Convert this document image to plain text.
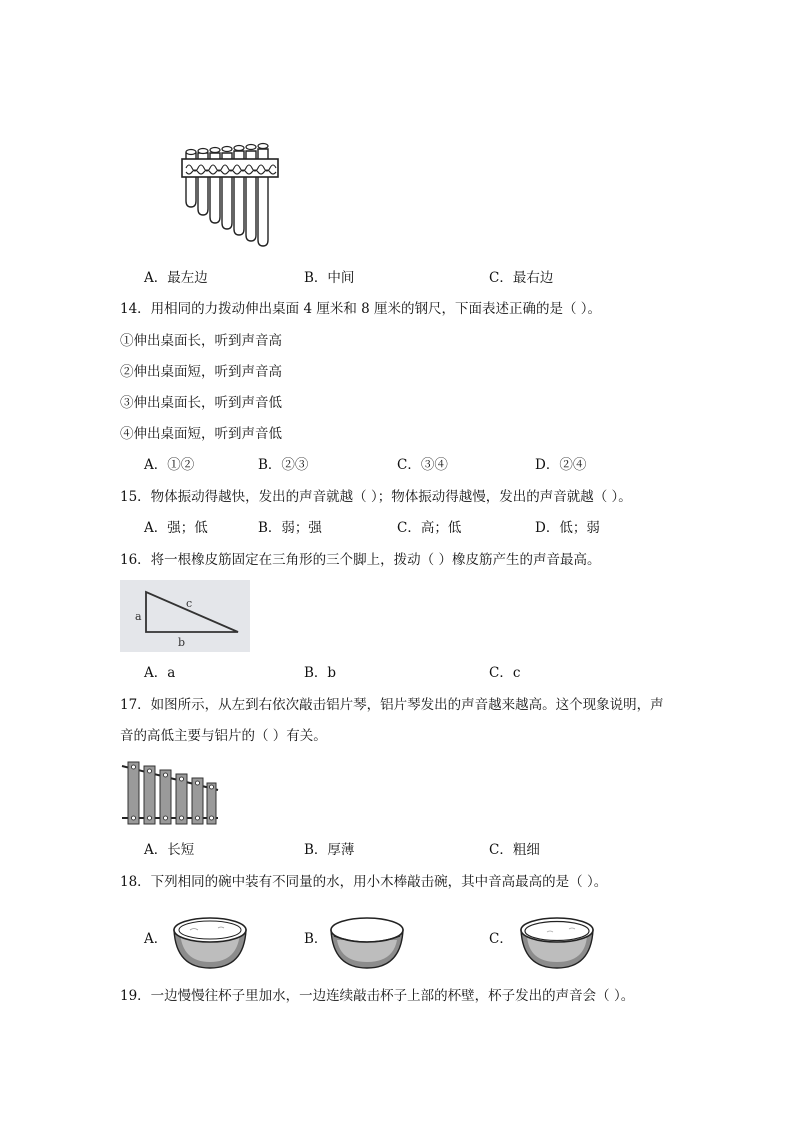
A．最左边	B．中间	C．最右边
14．用相同的力拨动伸出桌面 4 厘米和 8 厘米的钢尺，下面表述正确的是（ ）。
①伸出桌面长，听到声音高
②伸出桌面短，听到声音高
③伸出桌面长，听到声音低
④伸出桌面短，听到声音低
A．①②	B．②③	C．③④	D．②④
15．物体振动得越快，发出的声音就越（ ）；物体振动得越慢，发出的声音就越（ ）。
A．强；低	B．弱；强	C．高；低	D．低；弱
16．将一根橡皮筋固定在三角形的三个脚上，拨动（ ）橡皮筋产生的声音最高。
a
b
c
A．a	B．b	C．c
17．如图所示，从左到右依次敲击铝片琴，铝片琴发出的声音越来越高。这个现象说明，声
音的高低主要与铝片的（ ）有关。
A．长短	B．厚薄	C．粗细
18．下列相同的碗中装有不同量的水，用小木棒敲击碗，其中音高最高的是（ ）。
A．	B．	C．
19．一边慢慢往杯子里加水，一边连续敲击杯子上部的杯壁，杯子发出的声音会（ ）。
